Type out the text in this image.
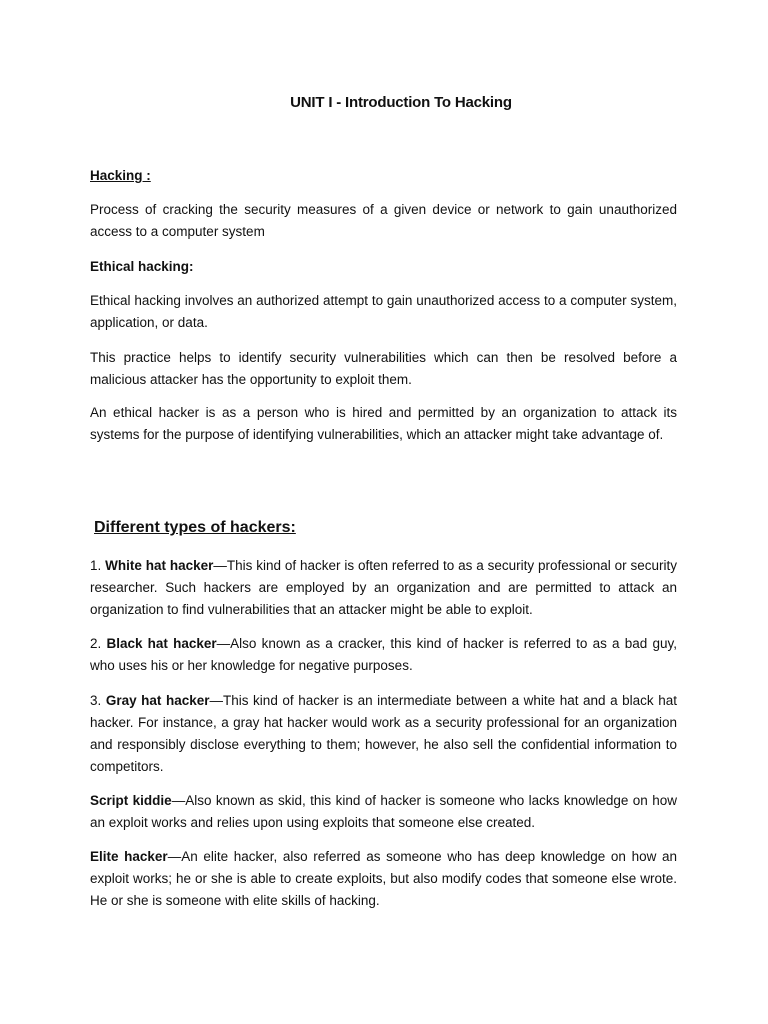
UNIT I - Introduction To Hacking
Hacking :

Process of cracking the security measures of a given device or network to gain unauthorized access to a computer system

Ethical hacking:

Ethical hacking involves an authorized attempt to gain unauthorized access to a computer system, application, or data.

This practice helps to identify security vulnerabilities which can then be resolved before a malicious attacker has the opportunity to exploit them.

An ethical hacker is as a person who is hired and permitted by an organization to attack its systems for the purpose of identifying vulnerabilities, which an attacker might take advantage of.

Different types of hackers:

1. White hat hacker—This kind of hacker is often referred to as a security professional or security researcher. Such hackers are employed by an organization and are permitted to attack an organization to find vulnerabilities that an attacker might be able to exploit.

2. Black hat hacker—Also known as a cracker, this kind of hacker is referred to as a bad guy, who uses his or her knowledge for negative purposes.

3. Gray hat hacker—This kind of hacker is an intermediate between a white hat and a black hat hacker. For instance, a gray hat hacker would work as a security professional for an organization and responsibly disclose everything to them; however, he also sell the confidential information to competitors.

Script kiddie—Also known as skid, this kind of hacker is someone who lacks knowledge on how an exploit works and relies upon using exploits that someone else created.

Elite hacker—An elite hacker, also referred as someone who has deep knowledge on how an exploit works; he or she is able to create exploits, but also modify codes that someone else wrote. He or she is someone with elite skills of hacking.
